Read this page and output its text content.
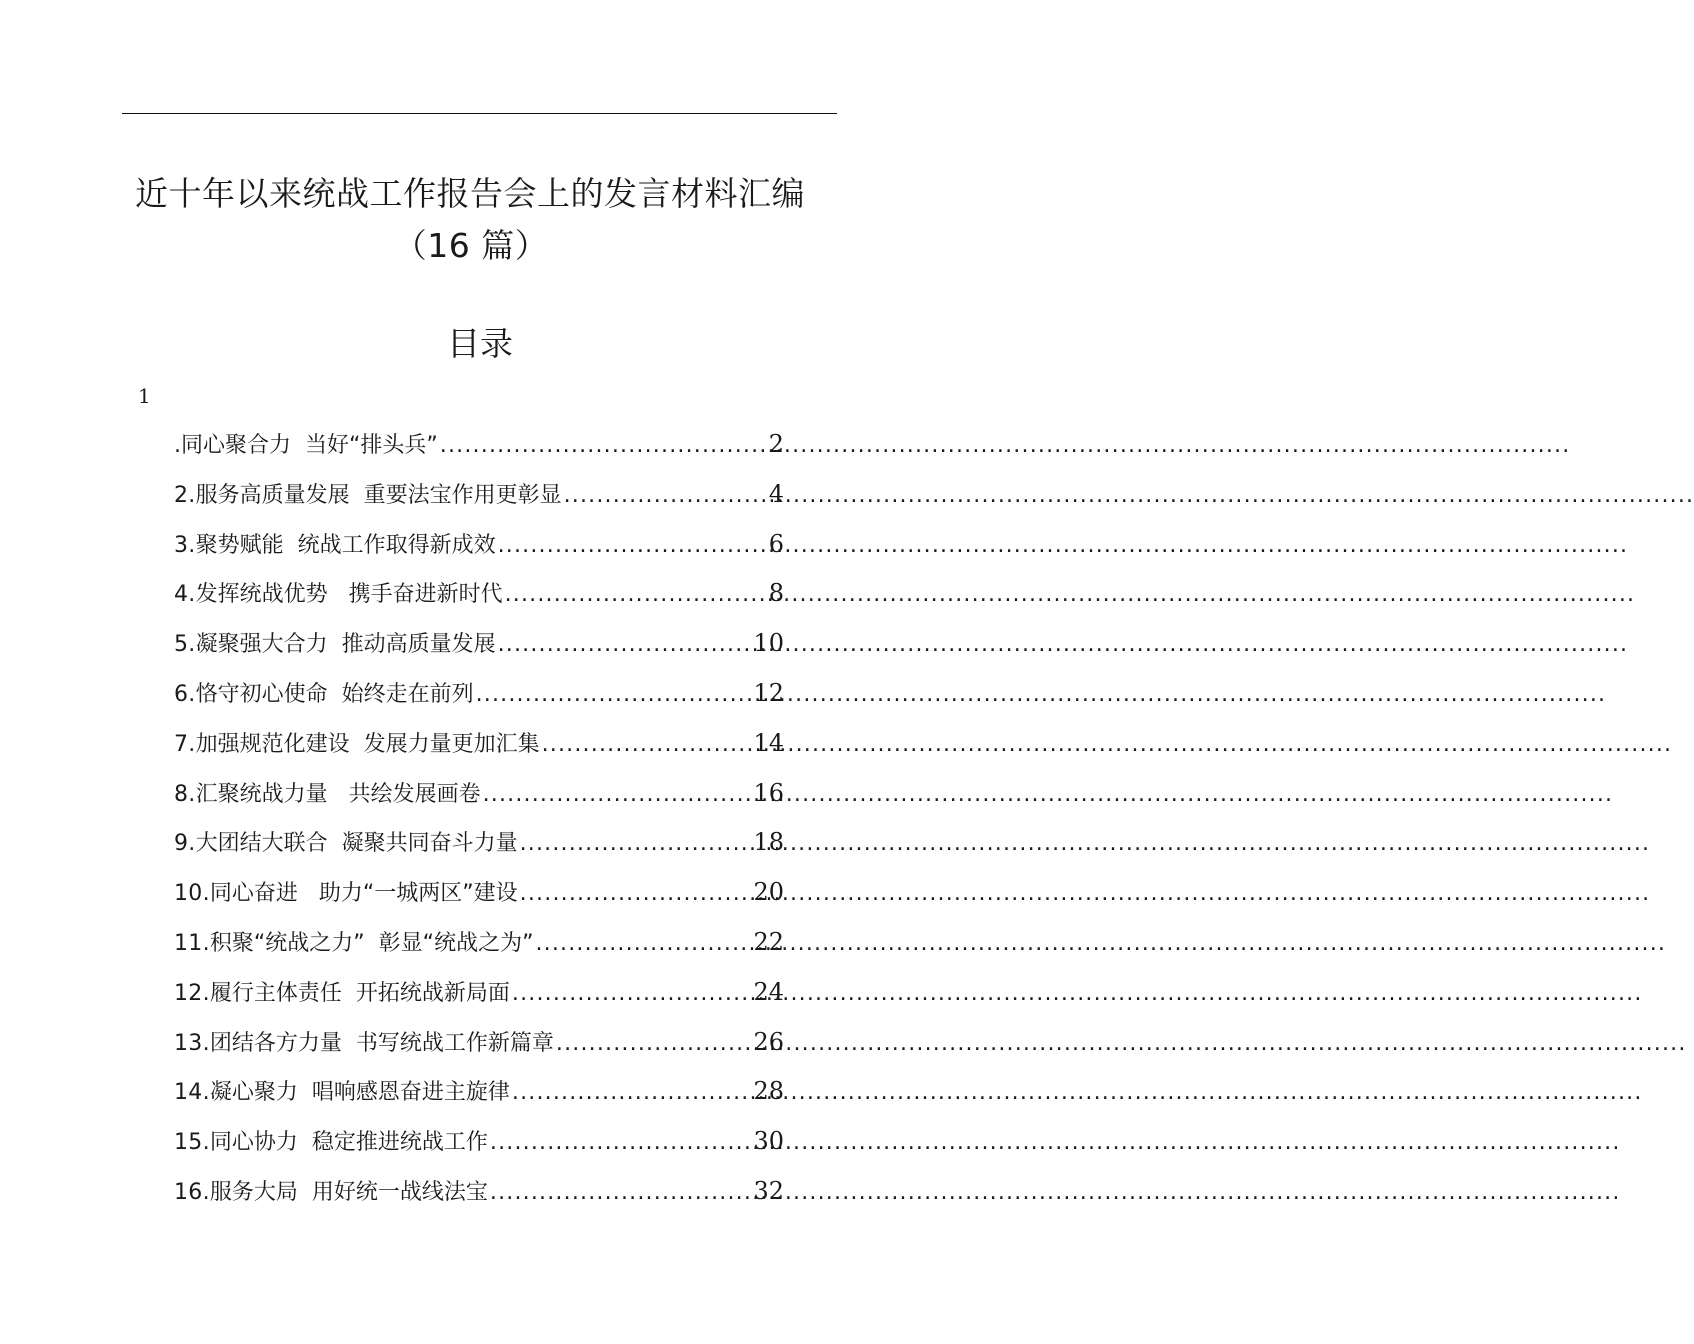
近十年以来统战工作报告会上的发言材料汇编
（16 篇）
目录
1
.同心聚合力  当好“排头兵” .....	2
2. 服务高质量发展  重要法宝作用更彰显 .....	4
3. 聚势赋能  统战工作取得新成效 .....	6
4. 发挥统战优势   携手奋进新时代 .....	8
5. 凝聚强大合力  推动高质量发展 .....	10
6. 恪守初心使命  始终走在前列 .....	12
7. 加强规范化建设  发展力量更加汇集 .....	14
8. 汇聚统战力量   共绘发展画卷 .....	16
9. 大团结大联合  凝聚共同奋斗力量 .....	18
10. 同心奋进   助力“一城两区”建设 .....	20
11. 积聚“统战之力”  彰显“统战之为” .....	22
12. 履行主体责任  开拓统战新局面 .....	24
13. 团结各方力量  书写统战工作新篇章 .....	26
14. 凝心聚力  唱响感恩奋进主旋律 .....	28
15. 同心协力  稳定推进统战工作 .....	30
16. 服务大局  用好统一战线法宝 .....	32
